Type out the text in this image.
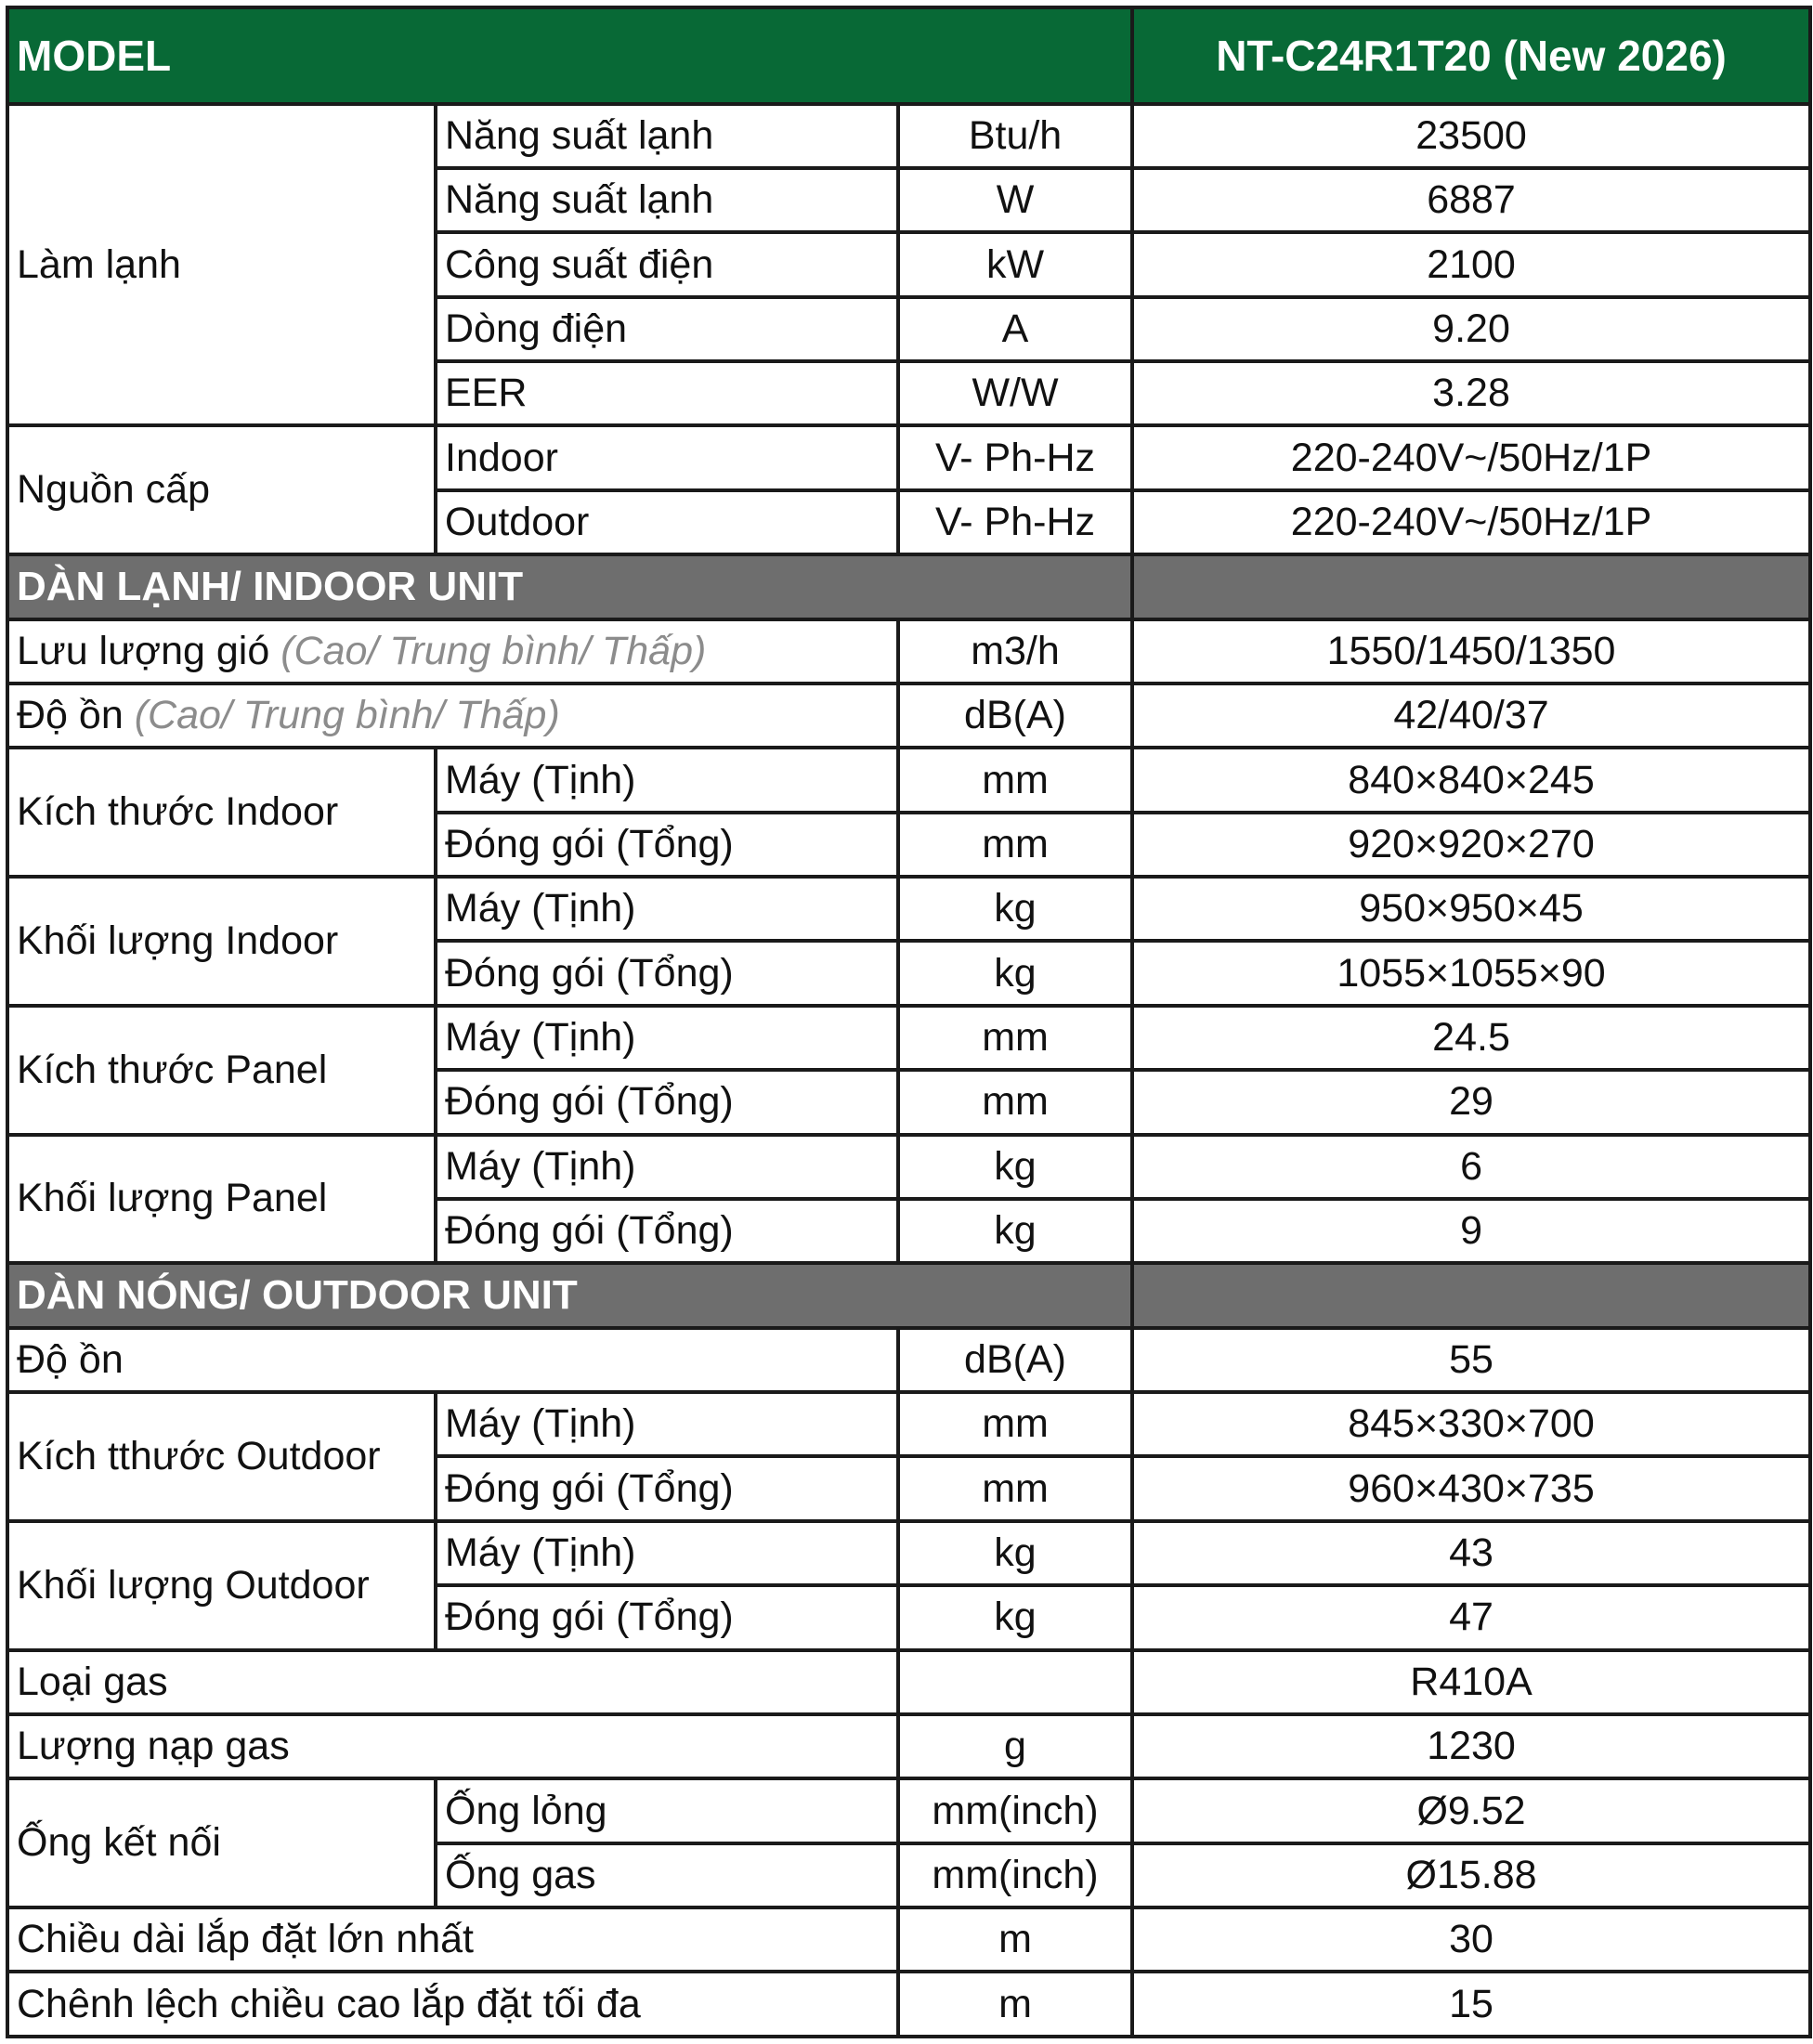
MODEL			NT-C24R1T20 (New 2026)
Làm lạnh	Năng suất lạnh	Btu/h	23500
	Năng suất lạnh	W	6887
	Công suất điện	kW	2100
	Dòng điện	A	9.20
	EER	W/W	3.28
Nguồn cấp	Indoor	V- Ph-Hz	220-240V~/50Hz/1P
	Outdoor	V- Ph-Hz	220-240V~/50Hz/1P
DÀN LẠNH/ INDOOR UNIT			
Lưu lượng gió (Cao/ Trung bình/ Thấp)		m3/h	1550/1450/1350
Độ ồn (Cao/ Trung bình/ Thấp)		dB(A)	42/40/37
Kích thước Indoor	Máy (Tịnh)	mm	840×840×245
	Đóng gói (Tổng)	mm	920×920×270
Khối lượng Indoor	Máy (Tịnh)	kg	950×950×45
	Đóng gói (Tổng)	kg	1055×1055×90
Kích thước Panel	Máy (Tịnh)	mm	24.5
	Đóng gói (Tổng)	mm	29
Khối lượng Panel	Máy (Tịnh)	kg	6
	Đóng gói (Tổng)	kg	9
DÀN NÓNG/ OUTDOOR UNIT			
Độ ồn		dB(A)	55
Kích tthước Outdoor	Máy (Tịnh)	mm	845×330×700
	Đóng gói (Tổng)	mm	960×430×735
Khối lượng Outdoor	Máy (Tịnh)	kg	43
	Đóng gói (Tổng)	kg	47
Loại gas			R410A
Lượng nạp gas		g	1230
Ống kết nối	Ống lỏng	mm(inch)	Ø9.52
	Ống gas	mm(inch)	Ø15.88
Chiều dài lắp đặt lớn nhất		m	30
Chênh lệch chiều cao lắp đặt tối đa		m	15
